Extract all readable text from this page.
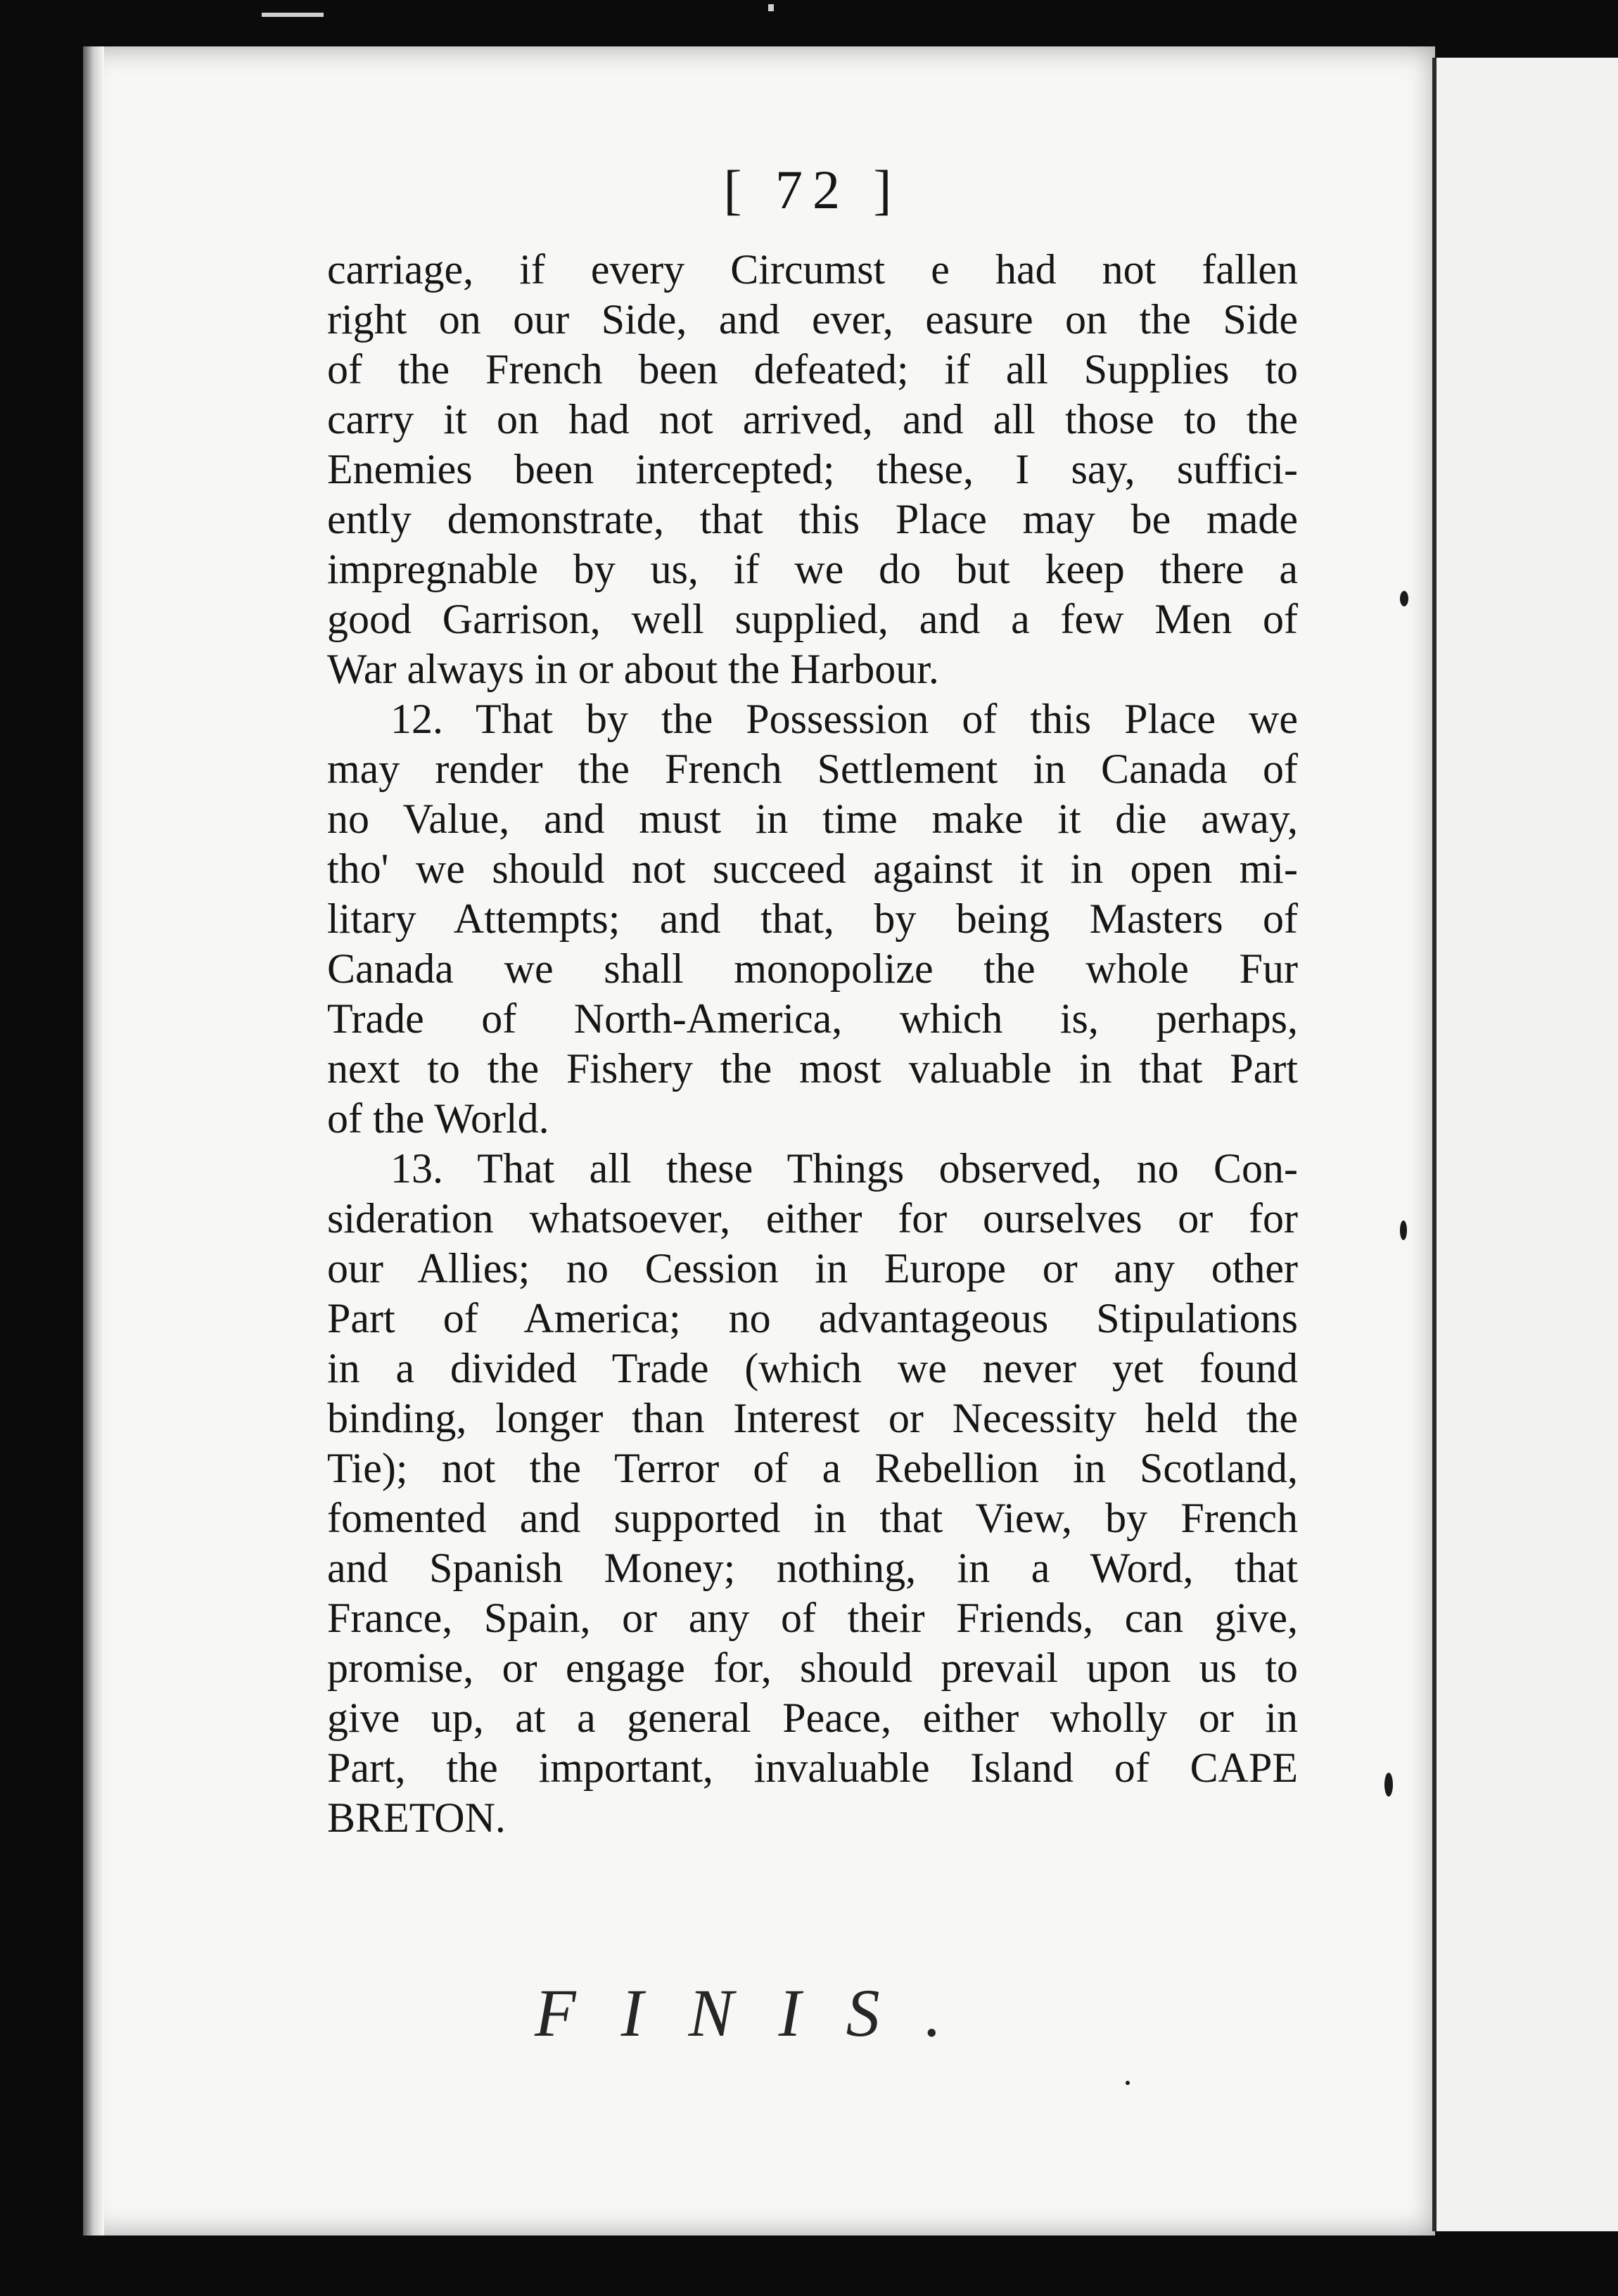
[ 72 ]
carriage, if every Circumst e had not fallen
right on our Side, and ever, easure on the Side
of the French been defeated; if all Supplies to
carry it on had not arrived, and all those to the
Enemies been intercepted; these, I say, suffici-
ently demonstrate, that this Place may be made
impregnable by us, if we do but keep there a
good Garrison, well supplied, and a few Men of
War always in or about the Harbour.
12. That by the Possession of this Place we
may render the French Settlement in Canada of
no Value, and must in time make it die away,
tho' we should not succeed against it in open mi-
litary Attempts; and that, by being Masters of
Canada we shall monopolize the whole Fur
Trade of North-America, which is, perhaps,
next to the Fishery the most valuable in that Part
of the World.
13. That all these Things observed, no Con-
sideration whatsoever, either for ourselves or for
our Allies; no Cession in Europe or any other
Part of America; no advantageous Stipulations
in a divided Trade (which we never yet found
binding, longer than Interest or Necessity held the
Tie); not the Terror of a Rebellion in Scotland,
fomented and supported in that View, by French
and Spanish Money; nothing, in a Word, that
France, Spain, or any of their Friends, can give,
promise, or engage for, should prevail upon us to
give up, at a general Peace, either wholly or in
Part, the important, invaluable Island of CAPE
BRETON.
FINIS.
